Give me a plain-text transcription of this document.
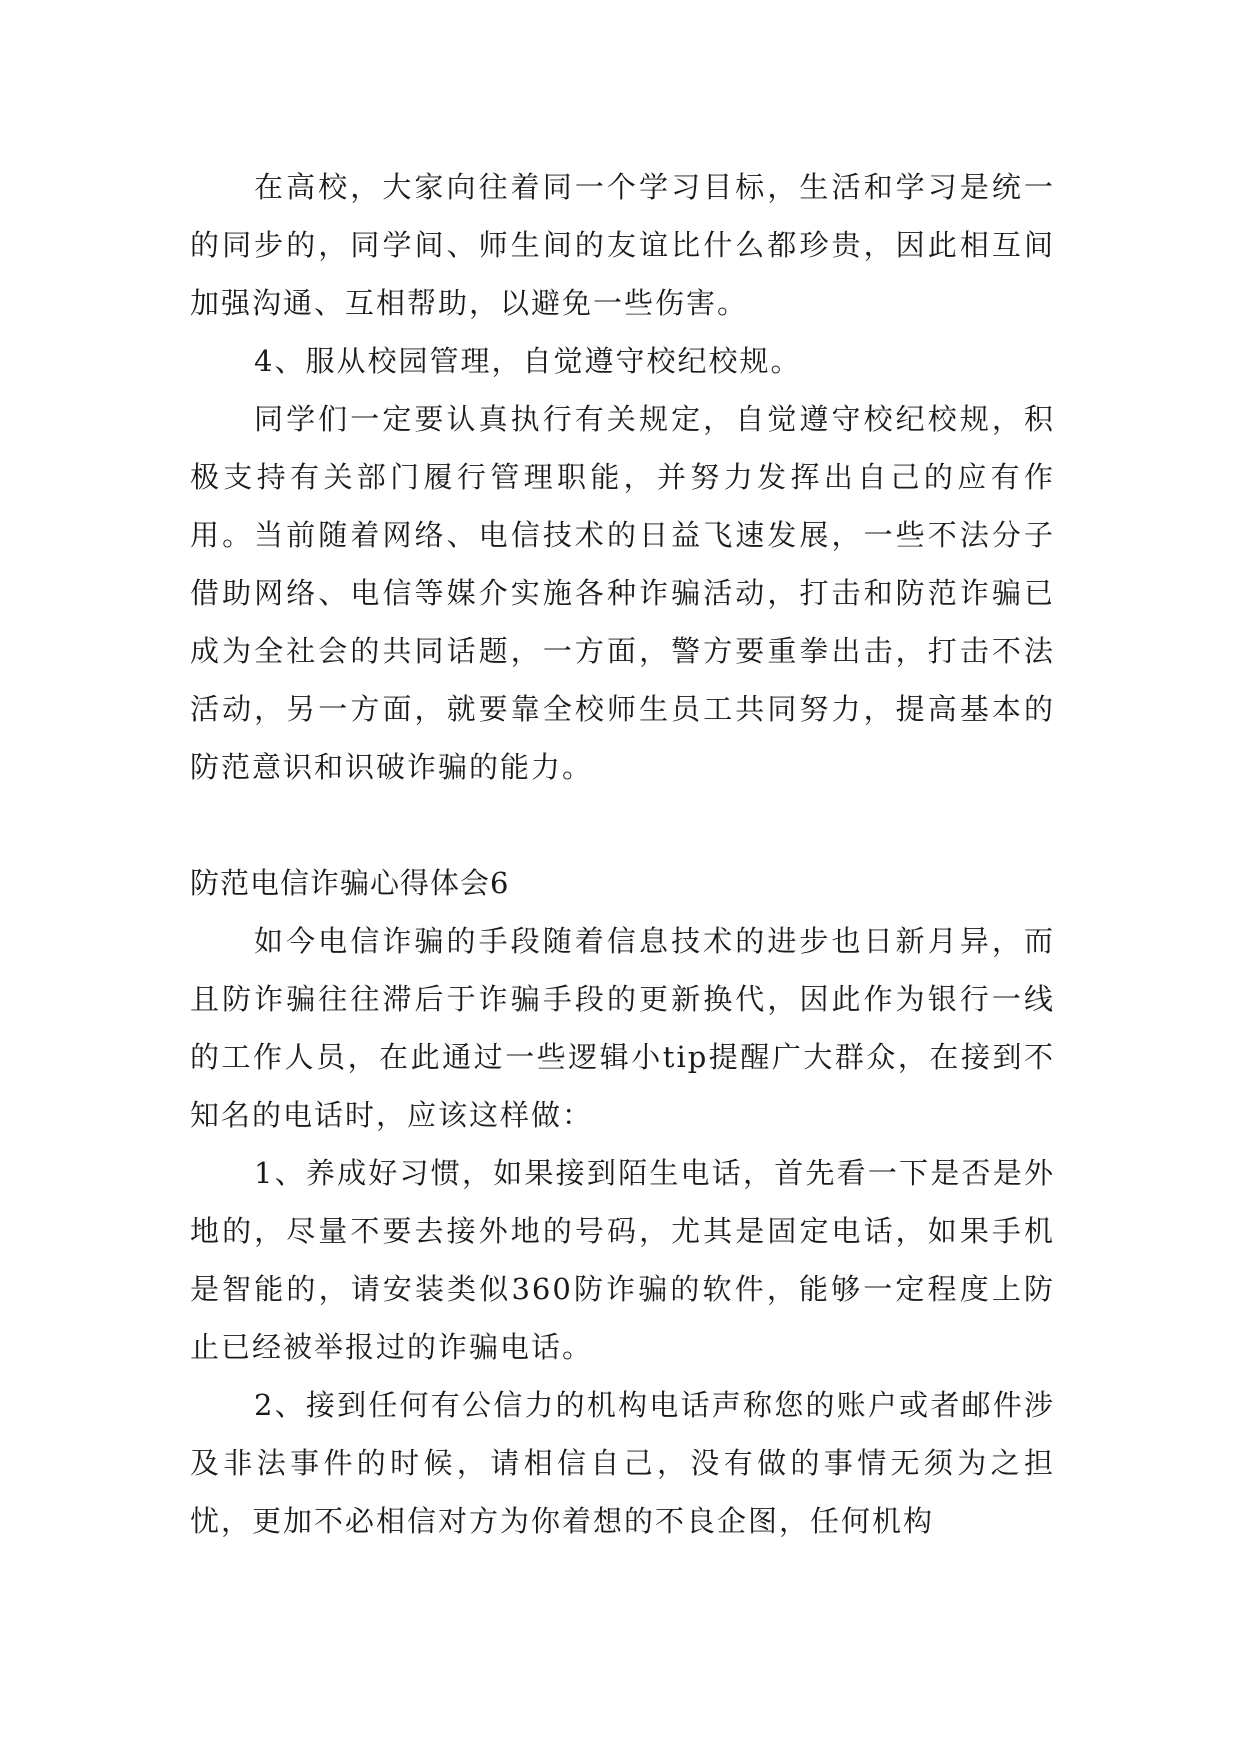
在高校，大家向往着同一个学习目标，生活和学习是统一的同步的，同学间、师生间的友谊比什么都珍贵，因此相互间加强沟通、互相帮助，以避免一些伤害。

4、服从校园管理，自觉遵守校纪校规。

同学们一定要认真执行有关规定，自觉遵守校纪校规，积极支持有关部门履行管理职能，并努力发挥出自己的应有作用。当前随着网络、电信技术的日益飞速发展，一些不法分子借助网络、电信等媒介实施各种诈骗活动，打击和防范诈骗已成为全社会的共同话题，一方面，警方要重拳出击，打击不法活动，另一方面，就要靠全校师生员工共同努力，提高基本的防范意识和识破诈骗的能力。

防范电信诈骗心得体会6

如今电信诈骗的手段随着信息技术的进步也日新月异，而且防诈骗往往滞后于诈骗手段的更新换代，因此作为银行一线的工作人员，在此通过一些逻辑小tip提醒广大群众，在接到不知名的电话时，应该这样做：

1、养成好习惯，如果接到陌生电话，首先看一下是否是外地的，尽量不要去接外地的号码，尤其是固定电话，如果手机是智能的，请安装类似360防诈骗的软件，能够一定程度上防止已经被举报过的诈骗电话。

2、接到任何有公信力的机构电话声称您的账户或者邮件涉及非法事件的时候，请相信自己，没有做的事情无须为之担忧，更加不必相信对方为你着想的不良企图，任何机构
